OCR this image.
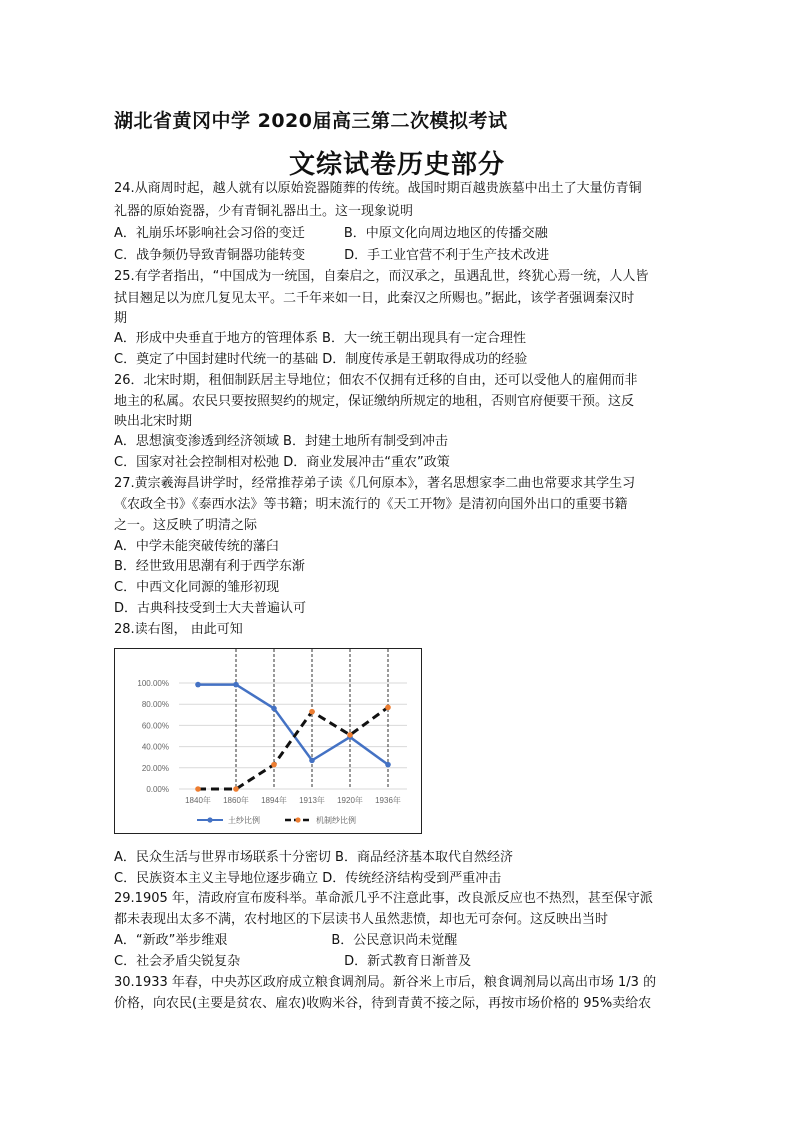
湖北省黄冈中学 2020届高三第二次模拟考试
文综试卷历史部分
24.从商周时起，越人就有以原始瓷器随葬的传统。战国时期百越贵族墓中出土了大量仿青铜
礼器的原始瓷器，少有青铜礼器出土。这一现象说明
A．礼崩乐坏影响社会习俗的变迁　　　B．中原文化向周边地区的传播交融
C．战争频仍导致青铜器功能转变　　　D．手工业官营不利于生产技术改进
25.有学者指出，“中国成为一统国，自秦启之，而汉承之，虽遇乱世，终犹心焉一统，人人皆
拭目翘足以为庶几复见太平。二千年来如一日，此秦汉之所赐也。”据此，该学者强调秦汉时
期
A．形成中央垂直于地方的管理体系 B．大一统王朝出现具有一定合理性
C．奠定了中国封建时代统一的基础 D．制度传承是王朝取得成功的经验
26．北宋时期，租佃制跃居主导地位；佃农不仅拥有迁移的自由，还可以受他人的雇佣而非
地主的私属。农民只要按照契约的规定，保证缴纳所规定的地租，否则官府便要干预。这反
映出北宋时期
A．思想演变渗透到经济领域 B．封建土地所有制受到冲击
C．国家对社会控制相对松弛 D．商业发展冲击“重农”政策
27.黄宗羲海昌讲学时，经常推荐弟子读《几何原本》，著名思想家李二曲也常要求其学生习
《农政全书》《泰西水法》等书籍；明末流行的《天工开物》是清初向国外出口的重要书籍
之一。这反映了明清之际
A．中学未能突破传统的藩臼
B．经世致用思潮有利于西学东渐
C．中西文化同源的雏形初现
D．古典科技受到士大夫普遍认可
28.读右图， 由此可知
0.00%
20.00%
40.00%
60.00%
80.00%
100.00%
1840年 1860年 1894年 1913年 1920年 1936年
土纱比例	机制纱比例
A．民众生活与世界市场联系十分密切 B．商品经济基本取代自然经济
C．民族资本主义主导地位逐步确立 D．传统经济结构受到严重冲击
29.1905 年，清政府宣布废科举。革命派几乎不注意此事，改良派反应也不热烈，甚至保守派
都未表现出太多不满，农村地区的下层读书人虽然悲愤，却也无可奈何。这反映出当时
A．“新政”举步维艰　　　　　　　　B．公民意识尚未觉醒
C．社会矛盾尖锐复杂　　　　　　　　D．新式教育日渐普及
30.1933 年春，中央苏区政府成立粮食调剂局。新谷米上市后，粮食调剂局以高出市场 1/3 的
价格，向农民(主要是贫农、雇农)收购米谷，待到青黄不接之际，再按市场价格的 95%卖给农
